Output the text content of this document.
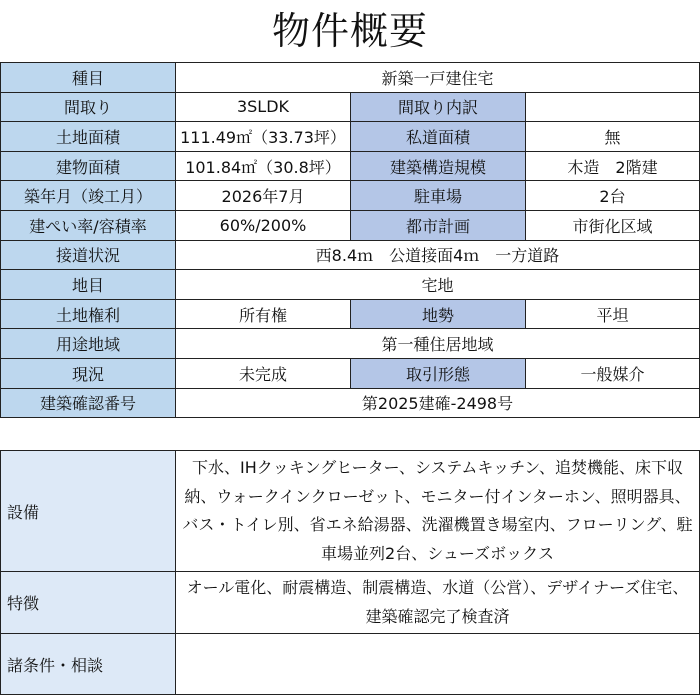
物件概要
種目	新築一戸建住宅		
間取り	3SLDK	間取り内訳	
土地面積	111.49㎡（33.73坪）	私道面積	無
建物面積	101.84㎡（30.8坪）	建築構造規模	木造　2階建
築年月（竣工月）	2026年7月	駐車場	2台
建ぺい率/容積率	60%/200%	都市計画	市街化区域
接道状況	西8.4ｍ　公道接面4ｍ　一方道路		
地目	宅地		
土地権利	所有権	地勢	平坦
用途地域	第一種住居地域		
現況	未完成	取引形態	一般媒介
建築確認番号	第2025建確-2498号		
設備	下水、IHクッキングヒーター、システムキッチン、追焚機能、床下収納、ウォークインクローゼット、モニター付インターホン、照明器具、バス・トイレ別、省エネ給湯器、洗濯機置き場室内、フローリング、駐車場並列2台、シューズボックス
特徴	オール電化、耐震構造、制震構造、水道（公営）、デザイナーズ住宅、建築確認完了検査済
諸条件・相談	
